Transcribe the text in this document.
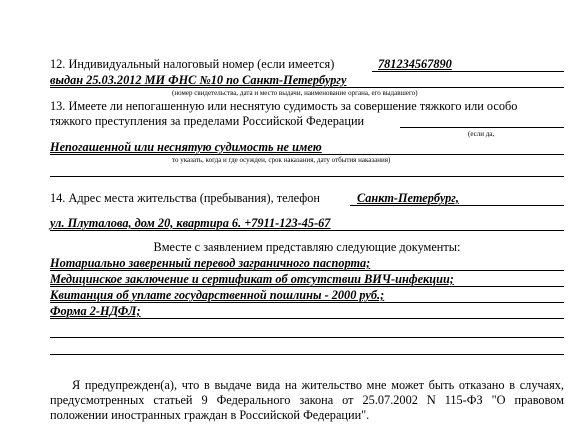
12. Индивидуальный налоговый номер (если имеется)	781234567890
выдан 25.03.2012 МИ ФНС №10 по Санкт-Петербургу
(номер свидетельства, дата и место выдачи, наименование органа, его выдавшего)
13. Имеете ли непогашенную или неснятую судимость за совершение тяжкого или особо
тяжкого преступления за пределами Российской Федерации
(если да,
Непогашенной или неснятую судимость не имею
то указать, когда и где осужден, срок наказания, дату отбытия наказания)
14. Адрес места жительства (пребывания), телефон	Санкт-Петербург,
ул. Плуталова, дом 20, квартира 6. +7911-123-45-67
Вместе с заявлением представляю следующие документы:
Нотариально заверенный перевод заграничного паспорта;
Медицинское заключение и сертификат об отсутствии ВИЧ-инфекции;
Квитанция об уплате государственной пошлины - 2000 руб.;
Форма 2-НДФЛ;
Я предупрежден(а), что в выдаче вида на жительство мне может быть отказано в случаях, предусмотренных статьей 9 Федерального закона от 25.07.2002 N 115-ФЗ "О правовом положении иностранных граждан в Российской Федерации".
